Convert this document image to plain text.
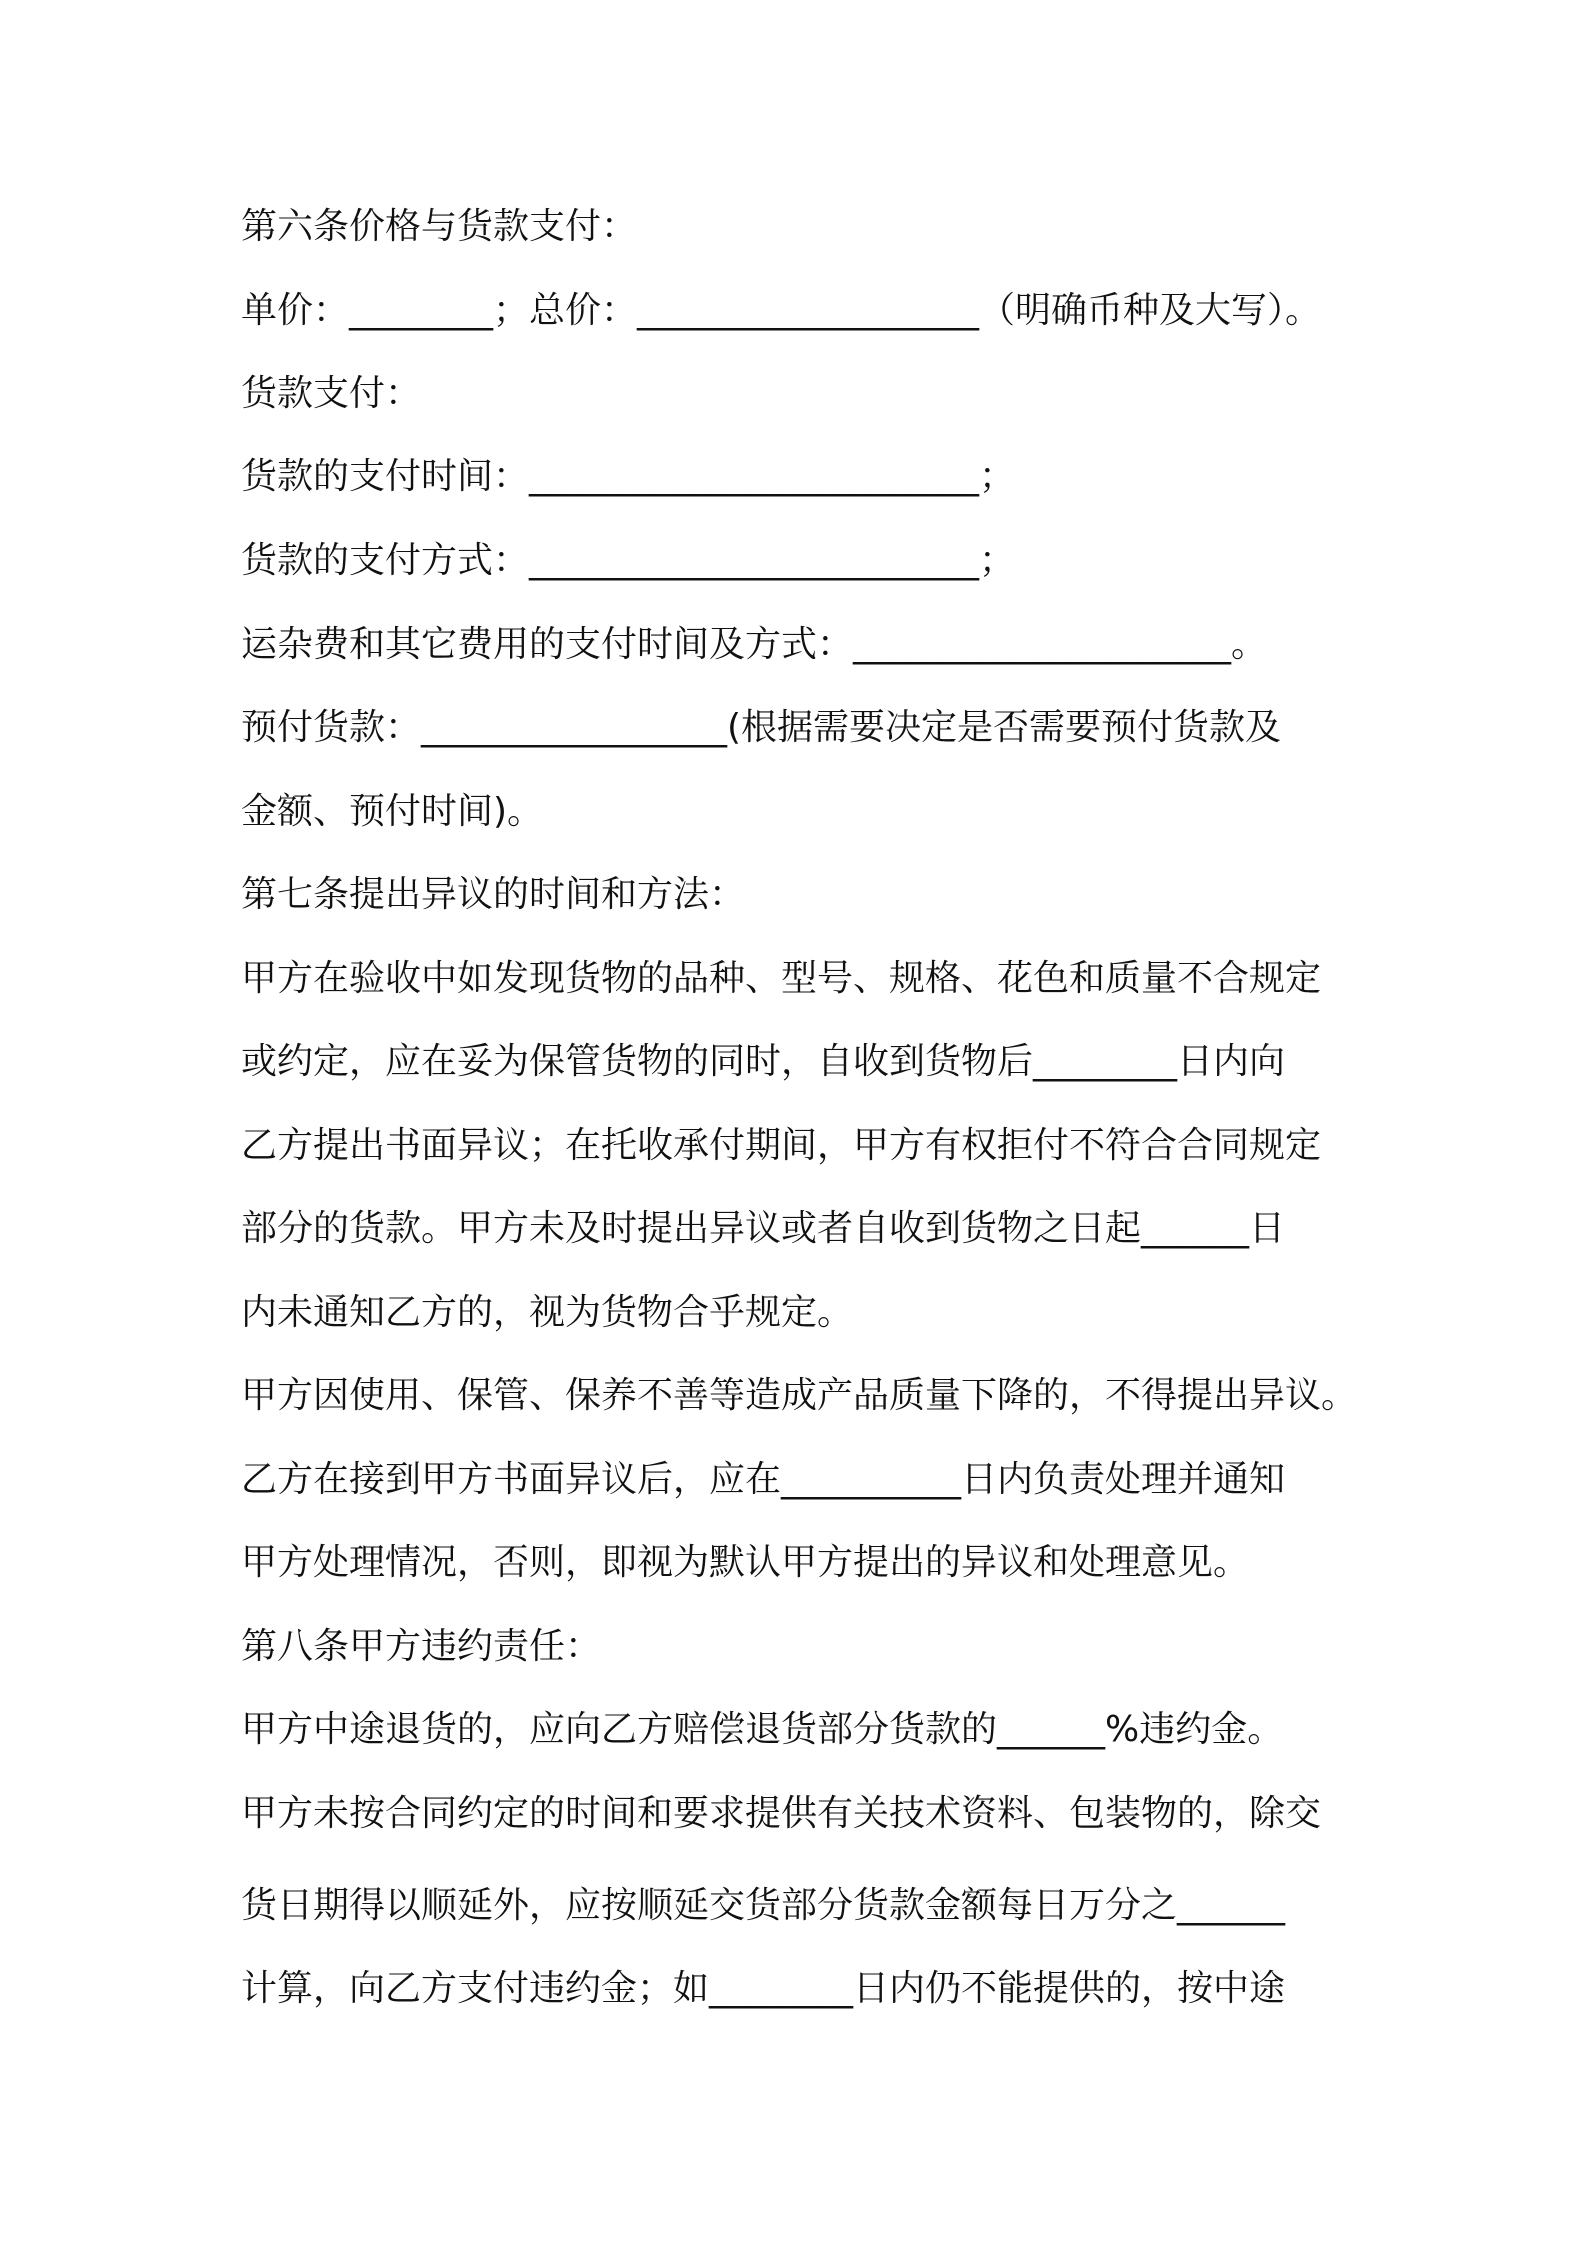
第六条价格与货款支付：
单价：________；总价：___________________（明确币种及大写）。
货款支付：
货款的支付时间：_________________________；
货款的支付方式：_________________________；
运杂费和其它费用的支付时间及方式：_____________________。
预付货款：_________________(根据需要决定是否需要预付货款及
金额、预付时间)。
第七条提出异议的时间和方法：
甲方在验收中如发现货物的品种、型号、规格、花色和质量不合规定
或约定，应在妥为保管货物的同时，自收到货物后________日内向
乙方提出书面异议；在托收承付期间，甲方有权拒付不符合合同规定
部分的货款。甲方未及时提出异议或者自收到货物之日起______日
内未通知乙方的，视为货物合乎规定。
甲方因使用、保管、保养不善等造成产品质量下降的，不得提出异议。
乙方在接到甲方书面异议后，应在__________日内负责处理并通知
甲方处理情况，否则，即视为默认甲方提出的异议和处理意见。
第八条甲方违约责任：
甲方中途退货的，应向乙方赔偿退货部分货款的______%违约金。
甲方未按合同约定的时间和要求提供有关技术资料、包装物的，除交
货日期得以顺延外，应按顺延交货部分货款金额每日万分之______
计算，向乙方支付违约金；如________日内仍不能提供的，按中途
